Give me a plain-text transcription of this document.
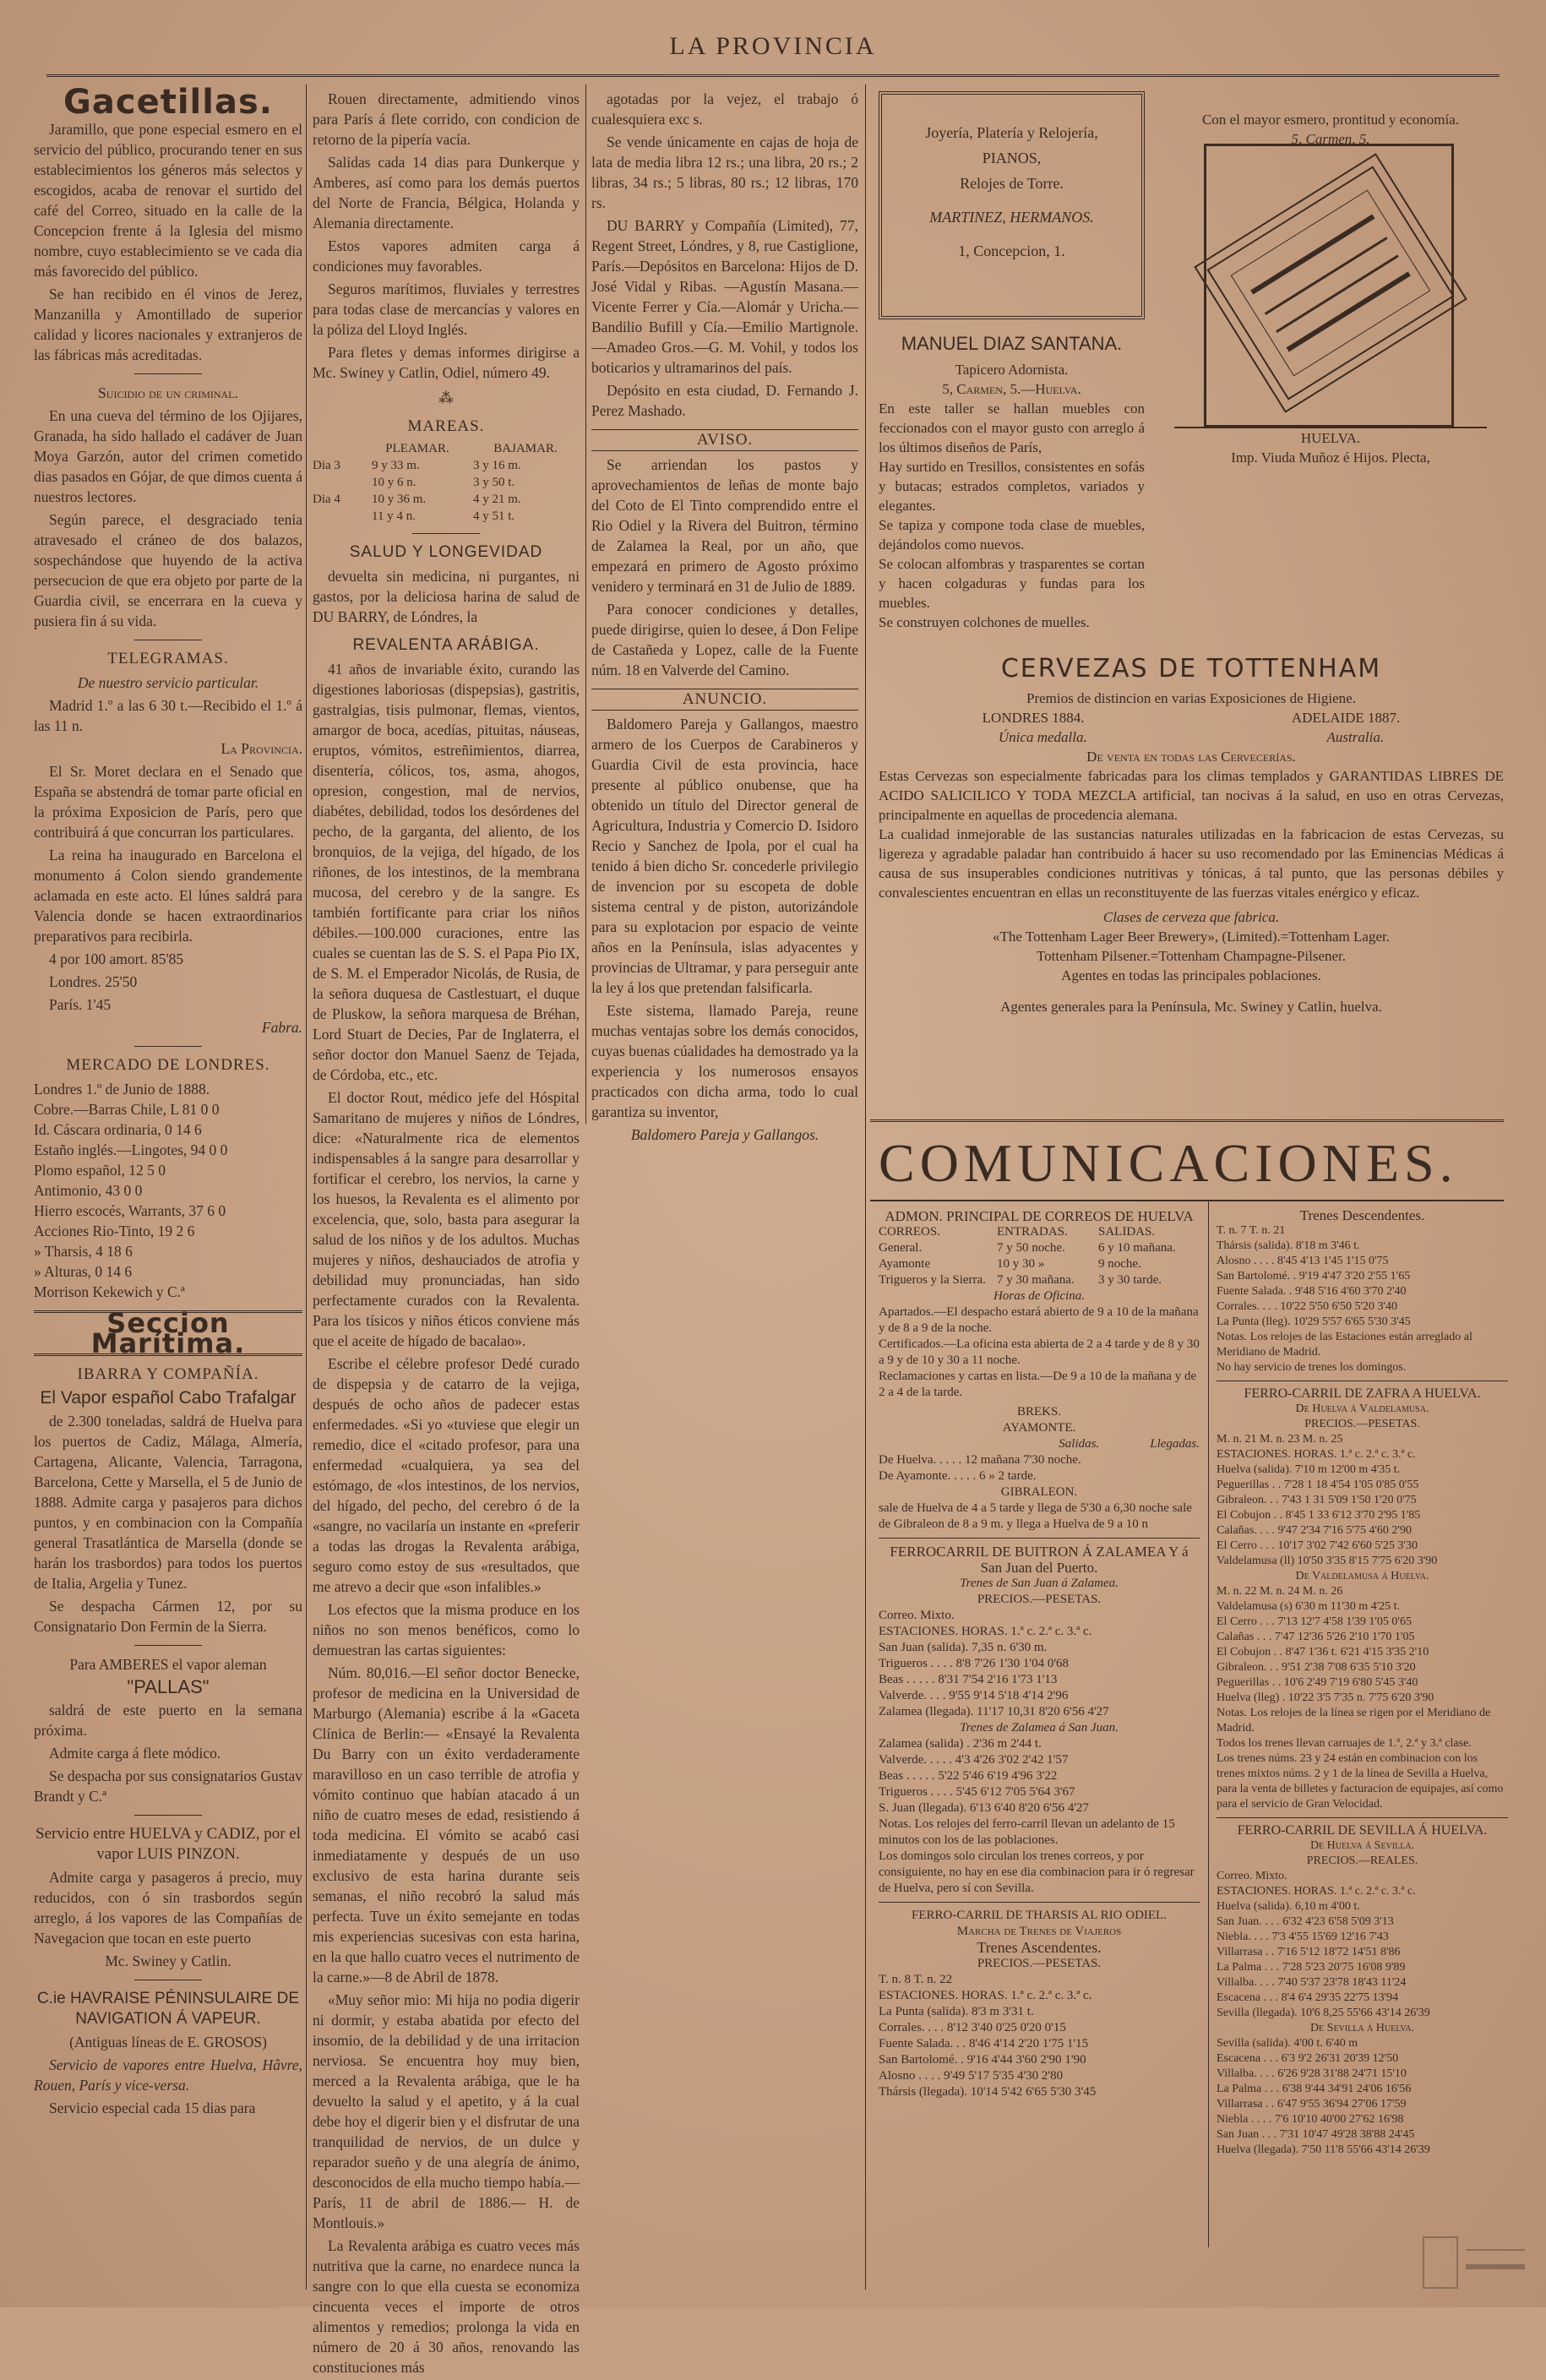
LA PROVINCIA
Gacetillas.

Jaramillo, que pone especial esmero en el servicio del público, procurando tener en sus establecimientos los géneros más selectos y escogidos, acaba de renovar el surtido del café del Correo, situado en la calle de la Concepcion frente á la Iglesia del mismo nombre, cuyo establecimiento se ve cada dia más favorecido del público.

Se han recibido en él vinos de Jerez, Manzanilla y Amontillado de superior calidad y licores nacionales y extranjeros de las fábricas más acreditadas.

Suicidio de un criminal.

En una cueva del término de los Ojijares, Granada, ha sido hallado el cadáver de Juan Moya Garzón, autor del crimen cometido dias pasados en Gójar, de que dimos cuenta á nuestros lectores.

Según parece, el desgraciado tenia atravesado el cráneo de dos balazos, sospechándose que huyendo de la activa persecucion de que era objeto por parte de la Guardia civil, se encerrara en la cueva y pusiera fin á su vida.

TELEGRAMAS.

De nuestro servicio particular.

Madrid 1.º a las 6 30 t.—Recibido el 1.º á las 11 n.

La Provincia.

El Sr. Moret declara en el Senado que España se abstendrá de tomar parte oficial en la próxima Exposicion de París, pero que contribuirá á que concurran los particulares.

La reina ha inaugurado en Barcelona el monumento á Colon siendo grandemente aclamada en este acto. El lúnes saldrá para Valencia donde se hacen extraordinarios preparativos para recibirla.

4 por 100 amort. 85'85

Londres. 25'50

París. 1'45

Fabra.

MERCADO DE LONDRES.
Londres 1.º de Junio de 1888.
Cobre.—Barras Chile, L 81 0 0
Id. Cáscara ordinaria, 0 14 6
Estaño inglés.—Lingotes, 94 0 0
Plomo español, 12 5 0
Antimonio, 43 0 0
Hierro escocés, Warrants, 37 6 0
Acciones Rio-Tinto, 19 2 6
» Tharsis, 4 18 6
» Alturas, 0 14 6
Morrison Kekewich y C.ª
Seccion Marítima.
IBARRA Y COMPAÑÍA.

El Vapor español Cabo Trafalgar

de 2.300 toneladas, saldrá de Huelva para los puertos de Cadiz, Málaga, Almería, Cartagena, Alicante, Valencia, Tarragona, Barcelona, Cette y Marsella, el 5 de Junio de 1888. Admite carga y pasajeros para dichos puntos, y en combinacion con la Compañía general Trasatlántica de Marsella (donde se harán los trasbordos) para todos los puertos de Italia, Argelia y Tunez.

Se despacha Cármen 12, por su Consignatario Don Fermin de la Sierra.

Para AMBERES el vapor aleman

"PALLAS"

saldrá de este puerto en la semana próxima.

Admite carga á flete módico.

Se despacha por sus consignatarios Gustav Brandt y C.ª

Servicio entre HUELVA y CADIZ, por el vapor LUIS PINZON.

Admite carga y pasageros á precio, muy reducidos, con ó sin trasbordos según arreglo, á los vapores de las Compañías de Navegacion que tocan en este puerto

Mc. Swiney y Catlin.

C.ie HAVRAISE PÉNINSULAIRE DE NAVIGATION Á VAPEUR.

(Antiguas líneas de E. GROSOS)

Servicio de vapores entre Huelva, Hâvre, Rouen, París y vice-versa.

Servicio especial cada 15 dias para

Rouen directamente, admitiendo vinos para París á flete corrido, con condicion de retorno de la pipería vacía.

Salidas cada 14 dias para Dunkerque y Amberes, así como para los demás puertos del Norte de Francia, Bélgica, Holanda y Alemania directamente.

Estos vapores admiten carga á condiciones muy favorables.

Seguros marítimos, fluviales y terrestres para todas clase de mercancías y valores en la póliza del Lloyd Inglés.

Para fletes y demas informes dirigirse a Mc. Swiney y Catlin, Odiel, número 49.

⁂
MAREAS.
PLEAMAR.	BAJAMAR.
Dia 3	9 y 33 m.	3 y 16 m.
10 y 6 n.	3 y 50 t.
Dia 4	10 y 36 m.	4 y 21 m.
11 y 4 n.	4 y 51 t.
SALUD Y LONGEVIDAD

devuelta sin medicina, ni purgantes, ni gastos, por la deliciosa harina de salud de DU BARRY, de Lóndres, la

REVALENTA ARÁBIGA.

41 años de invariable éxito, curando las digestiones laboriosas (dispepsias), gastritis, gastralgias, tisis pulmonar, flemas, vientos, amargor de boca, acedías, pituitas, náuseas, eruptos, vómitos, estreñimientos, diarrea, disentería, cólicos, tos, asma, ahogos, opresion, congestion, mal de nervios, diabétes, debilidad, todos los desórdenes del pecho, de la garganta, del aliento, de los bronquios, de la vejiga, del hígado, de los riñones, de los intestinos, de la membrana mucosa, del cerebro y de la sangre. Es también fortificante para criar los niños débiles.—100.000 curaciones, entre las cuales se cuentan las de S. S. el Papa Pio IX, de S. M. el Emperador Nicolás, de Rusia, de la señora duquesa de Castlestuart, el duque de Pluskow, la señora marquesa de Bréhan, Lord Stuart de Decies, Par de Inglaterra, el señor doctor don Manuel Saenz de Tejada, de Córdoba, etc., etc.

El doctor Rout, médico jefe del Hóspital Samaritano de mujeres y niños de Lóndres, dice: «Naturalmente rica de elementos indispensables á la sangre para desarrollar y fortificar el cerebro, los nervios, la carne y los huesos, la Revalenta es el alimento por excelencia, que, solo, basta para asegurar la salud de los niños y de los adultos. Muchas mujeres y niños, deshauciados de atrofia y debilidad muy pronunciadas, han sido perfectamente curados con la Revalenta. Para los tísicos y niños éticos conviene más que el aceite de hígado de bacalao».

Escribe el célebre profesor Dedé curado de dispepsia y de catarro de la vejiga, después de ocho años de padecer estas enfermedades. «Si yo «tuviese que elegir un remedio, dice el «citado profesor, para una enfermedad «cualquiera, ya sea del estómago, de «los intestinos, de los nervios, del hígado, del pecho, del cerebro ó de la «sangre, no vacilaría un instante en «preferir a todas las drogas la Revalenta arábiga, seguro como estoy de sus «resultados, que me atrevo a decir que «son infalibles.»

Los efectos que la misma produce en los niños no son menos benéficos, como lo demuestran las cartas siguientes:

Núm. 80,016.—El señor doctor Benecke, profesor de medicina en la Universidad de Marburgo (Alemania) escribe á la «Gaceta Clínica de Berlin:— «Ensayé la Revalenta Du Barry con un éxito verdaderamente maravilloso en un caso terrible de atrofia y vómito continuo que habían atacado á un niño de cuatro meses de edad, resistiendo á toda medicina. El vómito se acabó casi inmediatamente y después de un uso exclusivo de esta harina durante seis semanas, el niño recobró la salud más perfecta. Tuve un éxito semejante en todas mis experiencias sucesivas con esta harina, en la que hallo cuatro veces el nutrimento de la carne.»—8 de Abril de 1878.

«Muy señor mio: Mi hija no podia digerir ni dormir, y estaba abatida por efecto del insomio, de la debilidad y de una irritacion nerviosa. Se encuentra hoy muy bien, merced a la Revalenta arábiga, que le ha devuelto la salud y el apetito, y á la cual debe hoy el digerir bien y el disfrutar de una tranquilidad de nervios, de un dulce y reparador sueño y de una alegría de ánimo, desconocidos de ella mucho tiempo había.—París, 11 de abril de 1886.— H. de Montlouis.»

La Revalenta arábiga es cuatro veces más nutritiva que la carne, no enardece nunca la sangre con lo que ella cuesta se economiza cincuenta veces el importe de otros alimentos y remedios; prolonga la vida en número de 20 á 30 años, renovando las constituciones más

agotadas por la vejez, el trabajo ó cualesquiera exc s.

Se vende únicamente en cajas de hoja de lata de media libra 12 rs.; una libra, 20 rs.; 2 libras, 34 rs.; 5 libras, 80 rs.; 12 libras, 170 rs.

DU BARRY y Compañía (Limited), 77, Regent Street, Lóndres, y 8, rue Castiglione, París.—Depósitos en Barcelona: Hijos de D. José Vidal y Ribas. —Agustín Masana.—Vicente Ferrer y Cía.—Alomár y Uricha.—Bandilio Bufill y Cía.—Emilio Martignole.—Amadeo Gros.—G. M. Vohil, y todos los boticarios y ultramarinos del país.

Depósito en esta ciudad, D. Fernando J. Perez Mashado.

AVISO.

Se arriendan los pastos y aprovechamientos de leñas de monte bajo del Coto de El Tinto comprendido entre el Rio Odiel y la Rivera del Buitron, término de Zalamea la Real, por un año, que empezará en primero de Agosto próximo venidero y terminará en 31 de Julio de 1889.

Para conocer condiciones y detalles, puede dirigirse, quien lo desee, á Don Felipe de Castañeda y Lopez, calle de la Fuente núm. 18 en Valverde del Camino.

ANUNCIO.

Baldomero Pareja y Gallangos, maestro armero de los Cuerpos de Carabineros y Guardia Civil de esta provincia, hace presente al público onubense, que ha obtenido un título del Director general de Agricultura, Industria y Comercio D. Isidoro Recio y Sanchez de Ipola, por el cual ha tenido á bien dicho Sr. concederle privilegio de invencion por su escopeta de doble sistema central y de piston, autorizándole para su explotacion por espacio de veinte años en la Península, islas adyacentes y provincias de Ultramar, y para perseguir ante la ley á los que pretendan falsificarla.

Este sistema, llamado Pareja, reune muchas ventajas sobre los demás conocidos, cuyas buenas cúalidades ha demostrado ya la experiencia y los numerosos ensayos practicados con dicha arma, todo lo cual garantiza su inventor,

Baldomero Pareja y Gallangos.

Joyería, Platería y Relojería,
PIANOS,
Relojes de Torre.
MARTINEZ, HERMANOS.
1, Concepcion, 1.
MANUEL DIAZ SANTANA.
Tapicero Adornista.
5, Carmen, 5.—Huelva.
En este taller se hallan muebles con feccionados con el mayor gusto con arreglo á los últimos diseños de París,
Hay surtido en Tresillos, consistentes en sofás y butacas; estrados completos, variados y elegantes.
Se tapiza y compone toda clase de muebles, dejándolos como nuevos.
Se colocan alfombras y trasparentes se cortan y hacen colgaduras y fundas para los muebles.
Se construyen colchones de muelles.
Con el mayor esmero, prontitud y economía.
5, Carmen, 5.
HUELVA.
Imp. Viuda Muñoz é Hijos. Plecta,
CERVEZAS DE TOTTENHAM
Premios de distincion en varias Exposiciones de Higiene.
LONDRES 1884.	ADELAIDE 1887.
Única medalla.	Australia.
De venta en todas las Cervecerías.
Estas Cervezas son especialmente fabricadas para los climas templados y GARANTIDAS LIBRES DE ACIDO SALICILICO Y TODA MEZCLA artificial, tan nocivas á la salud, en uso en otras Cervezas, principalmente en aquellas de procedencia alemana.
La cualidad inmejorable de las sustancias naturales utilizadas en la fabricacion de estas Cervezas, su ligereza y agradable paladar han contribuido á hacer su uso recomendado por las Eminencias Médicas á causa de sus insuperables condiciones nutritivas y tónicas, á tal punto, que las personas débiles y convalescientes encuentran en ellas un reconstituyente de las fuerzas vitales enérgico y eficaz.
Clases de cerveza que fabrica.
«The Tottenham Lager Beer Brewery», (Limited).=Tottenham Lager.
Tottenham Pilsener.=Tottenham Champagne-Pilsener.
Agentes en todas las principales poblaciones.
Agentes generales para la Península, Mc. Swiney y Catlin, huelva.
COMUNICACIONES.
ADMON. PRINCIPAL DE CORREOS DE HUELVA
CORREOS.	ENTRADAS.	SALIDAS.
General.	7 y 50 noche.	6 y 10 mañana.
Ayamonte	10 y 30 »	9 noche.
Trigueros y la Sierra. 7 y 30 mañana.	3 y 30 tarde.
Horas de Oficina.
Apartados.—El despacho estará abierto de 9 a 10 de la mañana y de 8 a 9 de la noche.
Certificados.—La oficina esta abierta de 2 a 4 tarde y de 8 y 30 a 9 y de 10 y 30 a 11 noche.
Reclamaciones y cartas en lista.—De 9 a 10 de la mañana y de 2 a 4 de la tarde.
BREKS.
AYAMONTE.
Salidas.	Llegadas.
De Huelva. . . . . 12 mañana 7'30 noche.
De Ayamonte. . . . . 6 » 2 tarde.
GIBRALEON.
sale de Huelva de 4 a 5 tarde y llega de 5'30 a 6,30 noche sale de Gibraleon de 8 a 9 m. y llega a Huelva de 9 a 10 n
FERROCARRIL DE BUITRON Á ZALAMEA Y á San Juan del Puerto.
Trenes de San Juan á Zalamea.
PRECIOS.—PESETAS.
Correo. Mixto.
ESTACIONES. HORAS. 1.ª c. 2.ª c. 3.ª c.
San Juan (salida). 7,35 n. 6'30 m.
Trigueros . . . . 8'8 7'26 1'30 1'04 0'68
Beas . . . . . 8'31 7'54 2'16 1'73 1'13
Valverde. . . . 9'55 9'14 5'18 4'14 2'96
Zalamea (llegada). 11'17 10,31 8'20 6'56 4'27
Trenes de Zalamea á San Juan.
Zalamea (salida) . 2'36 m 2'44 t.
Valverde. . . . . 4'3 4'26 3'02 2'42 1'57
Beas . . . . . 5'22 5'46 6'19 4'96 3'22
Trigueros . . . . 5'45 6'12 7'05 5'64 3'67
S. Juan (llegada). 6'13 6'40 8'20 6'56 4'27
Notas. Los relojes del ferro-carril llevan un adelanto de 15 minutos con los de las poblaciones.
Los domingos solo circulan los trenes correos, y por consiguiente, no hay en ese dia combinacion para ir ó regresar de Huelva, pero sí con Sevilla.
FERRO-CARRIL DE THARSIS AL RIO ODIEL.
Marcha de Trenes de Viajeros
Trenes Ascendentes.
PRECIOS.—PESETAS.
T. n. 8 T. n. 22
ESTACIONES. HORAS. 1.ª c. 2.ª c. 3.ª c.
La Punta (salida). 8'3 m 3'31 t.
Corrales. . . . 8'12 3'40 0'25 0'20 0'15
Fuente Salada. . . 8'46 4'14 2'20 1'75 1'15
San Bartolomé. . 9'16 4'44 3'60 2'90 1'90
Alosno . . . . 9'49 5'17 5'35 4'30 2'80
Thársis (llegada). 10'14 5'42 6'65 5'30 3'45
Trenes Descendentes.
T. n. 7 T. n. 21
Thársis (salida). 8'18 m 3'46 t.
Alosno . . . . 8'45 4'13 1'45 1'15 0'75
San Bartolomé. . 9'19 4'47 3'20 2'55 1'65
Fuente Salada. . 9'48 5'16 4'60 3'70 2'40
Corrales. . . . 10'22 5'50 6'50 5'20 3'40
La Punta (lleg). 10'29 5'57 6'65 5'30 3'45
Notas. Los relojes de las Estaciones están arreglado al Meridiano de Madrid.
No hay servicio de trenes los domingos.
FERRO-CARRIL DE ZAFRA A HUELVA.
De Huelva á Valdelamusa.
PRECIOS.—PESETAS.
M. n. 21 M. n. 23 M. n. 25
ESTACIONES. HORAS. 1.ª c. 2.ª c. 3.ª c.
Huelva (salida). 7'10 m 12'00 m 4'35 t.
Peguerillas . . 7'28 1 18 4'54 1'05 0'85 0'55
Gibraleon. . . 7'43 1 31 5'09 1'50 1'20 0'75
El Cobujon . . 8'45 1 33 6'12 3'70 2'95 1'85
Calañas. . . . 9'47 2'34 7'16 5'75 4'60 2'90
El Cerro . . . 10'17 3'02 7'42 6'60 5'25 3'30
Valdelamusa (ll) 10'50 3'35 8'15 7'75 6'20 3'90
De Valdelamusa á Huelva.
M. n. 22 M. n. 24 M. n. 26
Valdelamusa (s) 6'30 m 11'30 m 4'25 t.
El Cerro . . . 7'13 12'7 4'58 1'39 1'05 0'65
Calañas . . . 7'47 12'36 5'26 2'10 1'70 1'05
El Cobujon . . 8'47 1'36 t. 6'21 4'15 3'35 2'10
Gibraleon. . . 9'51 2'38 7'08 6'35 5'10 3'20
Peguerillas . . 10'6 2'49 7'19 6'80 5'45 3'40
Huelva (lleg) . 10'22 3'5 7'35 n. 7'75 6'20 3'90
Notas. Los relojes de la línea se rigen por el Meridiano de Madrid.
Todos los trenes llevan carruajes de 1.ª, 2.ª y 3.ª clase.
Los trenes núms. 23 y 24 están en combinacion con los trenes mixtos núms. 2 y 1 de la línea de Sevilla a Huelva, para la venta de billetes y facturacion de equipajes, así como para el servicio de Gran Velocidad.
FERRO-CARRIL DE SEVILLA Á HUELVA.
De Huelva á Sevilla.
PRECIOS.—REALES.
Correo. Mixto.
ESTACIONES. HORAS. 1.ª c. 2.ª c. 3.ª c.
Huelva (salida). 6,10 m 4'00 t.
San Juan. . . . 6'32 4'23 6'58 5'09 3'13
Niebla. . . . 7'3 4'55 15'69 12'16 7'43
Villarrasa . . 7'16 5'12 18'72 14'51 8'86
La Palma . . . 7'28 5'23 20'75 16'08 9'89
Villalba. . . . 7'40 5'37 23'78 18'43 11'24
Escacena . . . 8'4 6'4 29'35 22'75 13'94
Sevilla (llegada). 10'6 8,25 55'66 43'14 26'39
De Sevilla á Huelva.
Sevilla (salida). 4'00 t. 6'40 m
Escacena . . . 6'3 9'2 26'31 20'39 12'50
Villalba. . . . 6'26 9'28 31'88 24'71 15'10
La Palma . . . 6'38 9'44 34'91 24'06 16'56
Villarrasa . . 6'47 9'55 36'94 27'06 17'59
Niebla . . . . 7'6 10'10 40'00 27'62 16'98
San Juan . . . 7'31 10'47 49'28 38'88 24'45
Huelva (llegada). 7'50 11'8 55'66 43'14 26'39
